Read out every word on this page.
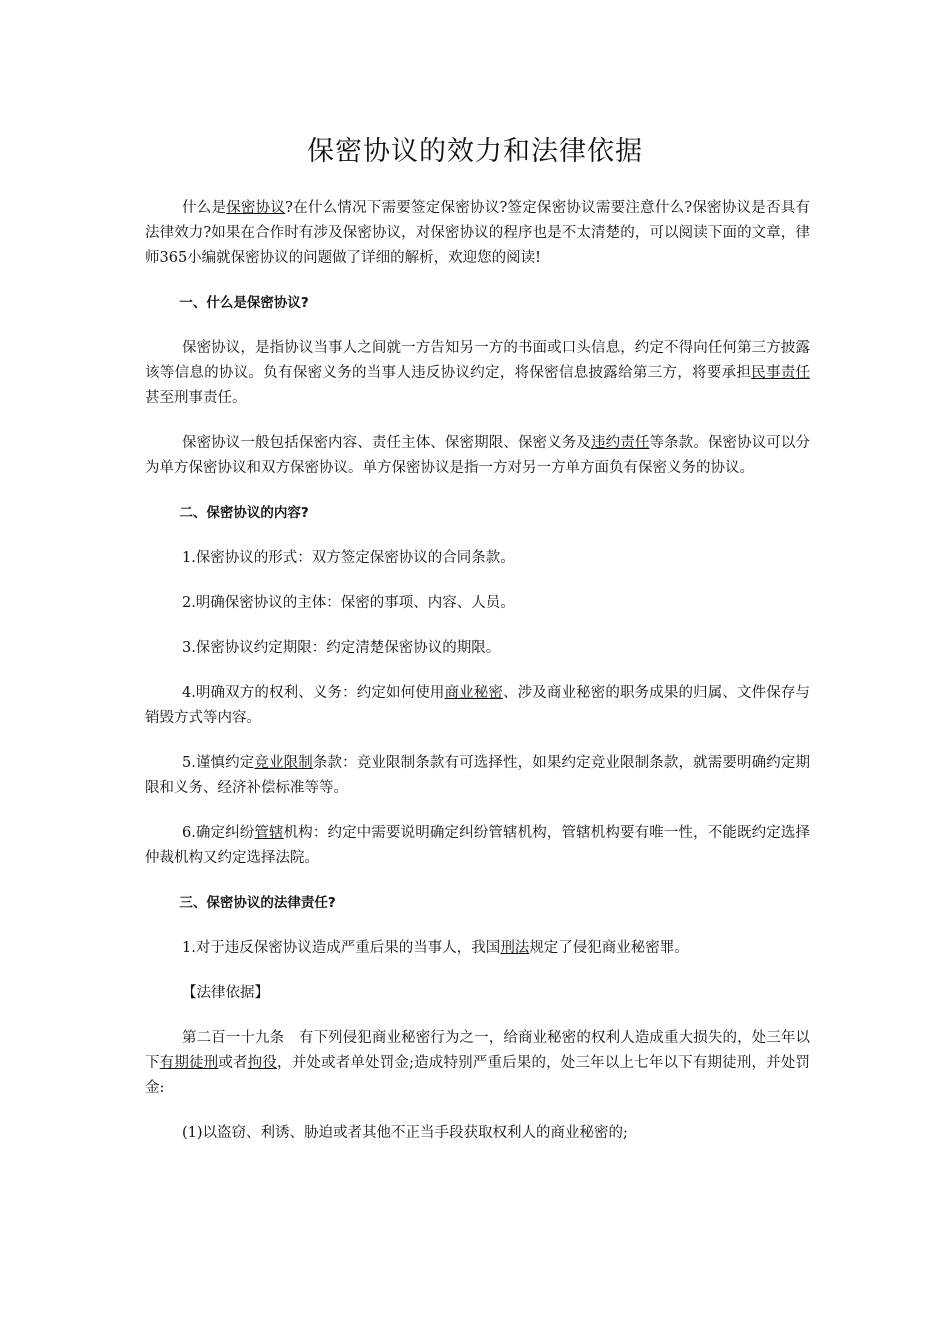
保密协议的效力和法律依据

什么是保密协议?在什么情况下需要签定保密协议?签定保密协议需要注意什么?保密协议是否具有法律效力?如果在合作时有涉及保密协议，对保密协议的程序也是不太清楚的，可以阅读下面的文章，律师365小编就保密协议的问题做了详细的解析，欢迎您的阅读!

一、什么是保密协议?

保密协议，是指协议当事人之间就一方告知另一方的书面或口头信息，约定不得向任何第三方披露该等信息的协议。负有保密义务的当事人违反协议约定，将保密信息披露给第三方，将要承担民事责任甚至刑事责任。

保密协议一般包括保密内容、责任主体、保密期限、保密义务及违约责任等条款。保密协议可以分为单方保密协议和双方保密协议。单方保密协议是指一方对另一方单方面负有保密义务的协议。

二、保密协议的内容?

1.保密协议的形式：双方签定保密协议的合同条款。

2.明确保密协议的主体：保密的事项、内容、人员。

3.保密协议约定期限：约定清楚保密协议的期限。

4.明确双方的权利、义务：约定如何使用商业秘密、涉及商业秘密的职务成果的归属、文件保存与销毁方式等内容。

5.谨慎约定竞业限制条款：竞业限制条款有可选择性，如果约定竞业限制条款，就需要明确约定期限和义务、经济补偿标准等等。

6.确定纠纷管辖机构：约定中需要说明确定纠纷管辖机构，管辖机构要有唯一性，不能既约定选择仲裁机构又约定选择法院。

三、保密协议的法律责任?

1.对于违反保密协议造成严重后果的当事人，我国刑法规定了侵犯商业秘密罪。

【法律依据】

第二百一十九条　有下列侵犯商业秘密行为之一，给商业秘密的权利人造成重大损失的，处三年以下有期徒刑或者拘役，并处或者单处罚金;造成特别严重后果的，处三年以上七年以下有期徒刑，并处罚金:

(1)以盗窃、利诱、胁迫或者其他不正当手段获取权利人的商业秘密的;
